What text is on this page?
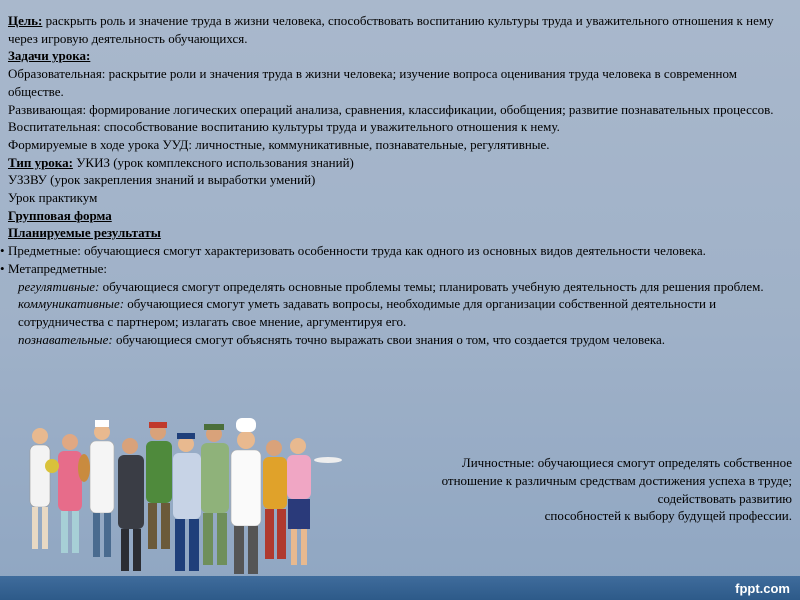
Цель: раскрыть роль и значение труда в жизни человека, способствовать воспитанию культуры труда и уважительного отношения к нему через игровую деятельность обучающихся.

Задачи урока:

Образовательная: раскрытие роли и значения труда в жизни человека; изучение вопроса оценивания труда человека в современном обществе.

Развивающая: формирование логических операций анализа, сравнения, классификации, обобщения; развитие познавательных процессов.

Воспитательная: способствование воспитанию культуры труда и уважительного отношения к нему.

Формируемые в ходе урока УУД: личностные, коммуникативные, познавательные, регулятивные.

Тип урока: УКИЗ (урок комплексного использования знаний)

УЗЗВУ (урок закрепления знаний и выработки умений)

Урок практикум

Групповая форма

Планируемые результаты

• Предметные: обучающиеся смогут характеризовать особенности труда как одного из основных видов деятельности человека.

• Метапредметные:

регулятивные: обучающиеся смогут определять основные проблемы темы; планировать учебную деятельность для решения проблем.

коммуникативные: обучающиеся смогут уметь задавать вопросы, необходимые для организации собственной деятельности и сотрудничества с партнером; излагать свое мнение, аргументируя его.

познавательные: обучающиеся смогут объяснять точно выражать свои знания о том, что создается трудом человека.

Личностные: обучающиеся смогут определять собственное

отношение к различным средствам достижения успеха в труде;

содействовать развитию

способностей к выбору будущей профессии.

fppt.com
